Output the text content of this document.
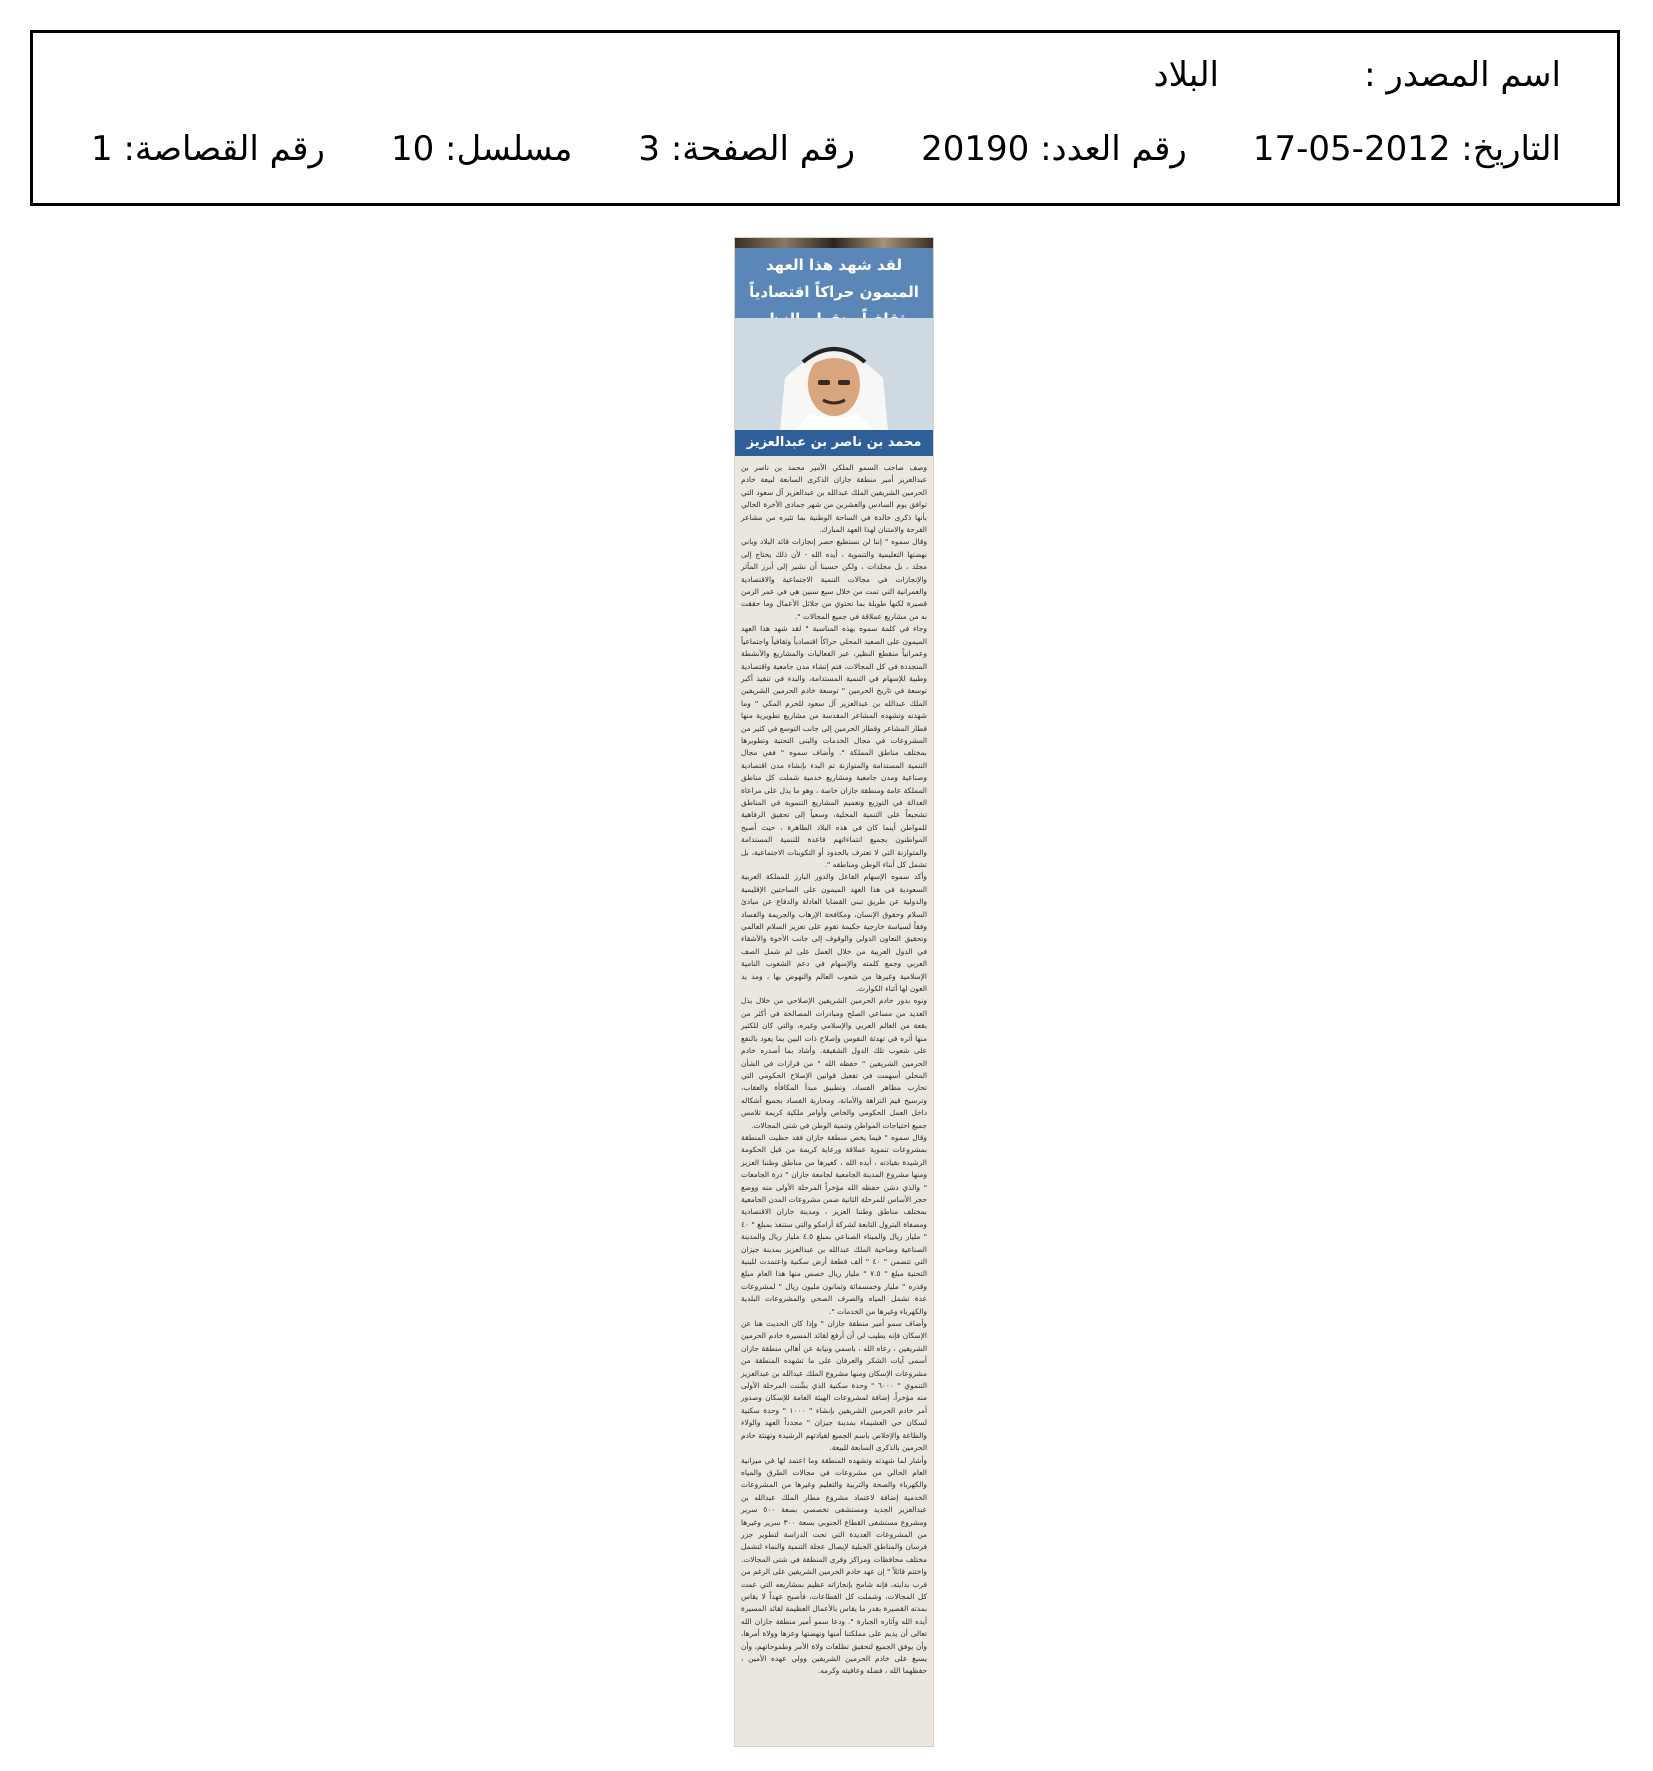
اسم المصدر :
البلاد
التاريخ: 2012-05-17
رقم العدد: 20190
رقم الصفحة: 3
مسلسل: 10
رقم القصاصة: 1
لقد شهد هذا العهد الميمون حراكاً اقتصادياً
محمد بن ناصر بن عبدالعزيز

وصف صاحب السمو الملكي الأمير محمد بن ناصر بن عبدالعزيز أمير منطقة جازان الذكرى السابعة لبيعة خادم الحرمين الشريفين الملك عبدالله بن عبدالعزيز آل سعود التي توافق يوم السادس والعشرين من شهر جمادى الأخرة الحالي بأنها ذكرى خالدة في الساحة الوطنية بما تثيره من مشاعر الفرحة والامتنان لهذا العهد المبارك.

وقال سموه " إننا لن نستطيع حصر إنجازات قائد البلاد وباني نهضتها التعليمية والتنموية ، أيده الله - لأن ذلك يحتاج إلى مجلد ، بل مجلدات ، ولكن حسبنا أن نشير إلى أبرز المآثر والإنجازات في مجالات التنمية الاجتماعية والاقتصادية والعمرانية التي تمت من خلال سبع سنين هي في عمر الزمن قصيرة لكنها طويلة بما تحتوي من جلائل الأعمال وما حققت به من مشاريع عملاقة في جميع المجالات ".

وجاء في كلمة سموه بهذه المناسبة " لقد شهد هذا العهد الميمون على الصعيد المحلي حراكاً اقتصادياً وثقافياً واجتماعياً وعمرانياً منقطع النظير، عبر الفعاليات والمشاريع والأنشطة المتجددة في كل المجالات، فتم إنشاء مدن جامعية واقتصادية وطبية للإسهام في التنمية المستدامة، والبدء في تنفيذ أكبر توسعة في تاريخ الحرمين " توسعة خادم الحرمين الشريفين الملك عبدالله بن عبدالعزيز آل سعود للحرم المكي " وما شهدته وتشهده المشاعر المقدسة من مشاريع تطويرية منها قطار المشاعر وقطار الحرمين إلى جانب التوسع في كثير من المشروعات في مجال الخدمات والبنى التحتية وتطويرها بمختلف مناطق المملكة ". وأضاف سموه " ففي مجال التنمية المستدامة والمتوازنة تم البدء بإنشاء مدن اقتصادية وصناعية ومدن جامعية ومشاريع خدمية شملت كل مناطق المملكة عامة ومنطقة جازان خاصة ، وهو ما يدل على مراعاة العدالة في التوزيع وتعميم المشاريع التنموية في المناطق تشجيعاً على التنمية المحلية، وسعياً إلى تحقيق الرفاهية للمواطن أينما كان في هذه البلاد الطاهرة ، حيث أصبح المواطنون بجميع انتماءاتهم قاعدة للتنمية المستدامة والمتوازنة التي لا تعترف بالحدود أو التكوينات الاجتماعية، بل تشمل كل أبناء الوطن ومناطقه ".

وأكد سموه الإسهام الفاعل والدور البارز للمملكة العربية السعودية في هذا العهد الميمون على الساحتين الإقليمية والدولية عن طريق تبني القضايا العادلة والدفاع عن مبادئ السلام وحقوق الإنسان، ومكافحة الإرهاب والجريمة والفساد وفقاً لسياسة خارجية حكيمة تقوم على تعزيز السلام العالمي وتحقيق التعاون الدولي والوقوف إلى جانب الأخوة والأشقاء في الدول العربية من خلال العمل على لم شمل الصف العربي وجمع كلمته والإسهام في دعم الشعوب النامية الإسلامية وغيرها من شعوب العالم والنهوض بها ، ومد يد العون لها أثناء الكوارث.

ونوه بدور خادم الحرمين الشريفين الإصلاحي من خلال بذل العديد من مساعي الصلح ومبادرات المصالحة في أكثر من بقعة من العالم العربي والإسلامي وغيره، والتي كان للكثير منها أثره في تهدئة النفوس وإصلاح ذات البين بما يعود بالنفع على شعوب تلك الدول الشقيقة. وأشاد بما أصدره خادم الحرمين الشريفين " حفظه الله " من قرارات في الشأن المحلي أسهمت في تفعيل قوانين الإصلاح الحكومي التي تحارب مظاهر الفساد، وتطبيق مبدأ المكافأة والعقاب، وترسيخ قيم النزاهة والأمانة، ومحاربة الفساد بجميع أشكاله داخل العمل الحكومي والخاص وأوامر ملكية كريمة تلامس جميع احتياجات المواطن وتنمية الوطن في شتى المجالات.

وقال سموه " فيما يخص منطقة جازان فقد حظيت المنطقة بمشروعات تنموية عملاقة ورعاية كريمة من قبل الحكومة الرشيدة بقيادته ، أيده الله ، كغيرها من مناطق وطننا العزيز ومنها مشروع المدينة الجامعية لجامعة جازان " درة الجامعات " والذي دشن حفظه الله مؤخراً المرحلة الأولى منه ووضع حجر الأساس للمرحلة الثانية ضمن مشروعات المدن الجامعية بمختلف مناطق وطننا العزيز ، ومدينة جازان الاقتصادية ومصفاة البترول التابعة لشركة أرامكو والتي ستنفذ بمبلغ " ٤٠ " مليار ريال والميناء الصناعي بمبلغ ٤.٥ مليار ريال والمدينة الصناعية وضاحية الملك عبدالله بن عبدالعزيز بمدينة جيزان التي تتضمن " ٤٠ " ألف قطعة أرض سكنية واعتمدت للبنية التحتية مبلغ " ٧.٥ " مليار ريال خصص منها هذا العام مبلغ وقدره " مليار وخمسمائة وثمانون مليون ريال " لمشروعات عدة تشمل المياه والصرف الصحي والمشروعات البلدية والكهرباء وغيرها من الخدمات ".

وأضاف سمو أمير منطقة جازان " وإذا كان الحديث هنا عن الإسكان فإنه يطيب لي أن أرفع لقائد المسيرة خادم الحرمين الشريفين ، رعاه الله ، باسمي ونيابة عن أهالي منطقة جازان أسمى آيات الشكر والعرفان على ما تشهده المنطقة من مشروعات الإسكان ومنها مشروع الملك عبدالله بن عبدالعزيز التنموي " ٦٠٠٠ " وحدة سكنية الذي بشّنت المرحلة الأولى منه مؤخراً، إضافة لمشروعات الهيئة العامة للإسكان وصدور أمر خادم الحرمين الشريفين بإنشاء " ١٠٠٠ " وحدة سكنية لسكان حي العشيماء بمدينة جيزان " مجدداً العهد والولاء والطاعة والإخلاص باسم الجميع لقيادتهم الرشيدة وتهنئة خادم الحرمين بالذكرى السابعة للبيعة.

وأشار لما شهدته وتشهده المنطقة وما اعتمد لها في ميزانية العام الحالي من مشروعات في مجالات الطرق والمياه والكهرباء والصحة والتربية والتعليم وغيرها من المشروعات الخدمية إضافة لاعتماد مشروع مطار الملك عبدالله بن عبدالعزيز الجديد ومستشفى تخصصي بسعة ٥٠٠ سرير ومشروع مستشفى القطاع الجنوبي بسعة ٣٠٠ سرير وغيرها من المشروعات العديدة التي تحت الدراسة لتطوير جزر فرسان والمناطق الجبلية لإيصال عجلة التنمية والنماء لتشمل مختلف محافظات ومراكز وقرى المنطقة في شتى المجالات. واختتم قائلاً " إن عهد خادم الحرمين الشريفين على الرغم من قرب بدايته، فإنه شامخ بإنجازاته عظيم بمشاريعه التي عمت كل المجالات، وشملت كل القطاعات، فأصبح عهداً لا يقاس بمدته القصيرة بقدر ما يقاس بالأعمال العظيمة لقائد المسيرة أيده الله وآثاره الجبارة ". ودعا سمو أمير منطقة جازان الله تعالى أن يديم على مملكتنا أمنها ونهضتها وعزها وولاة أمرها، وأن يوفق الجميع لتحقيق تطلعات ولاة الأمر وطموحاتهم، وأن يسبغ على خادم الحرمين الشريفين وولي عهده الأمين ، حفظهما الله ، فضله وعافيته وكرمه.
